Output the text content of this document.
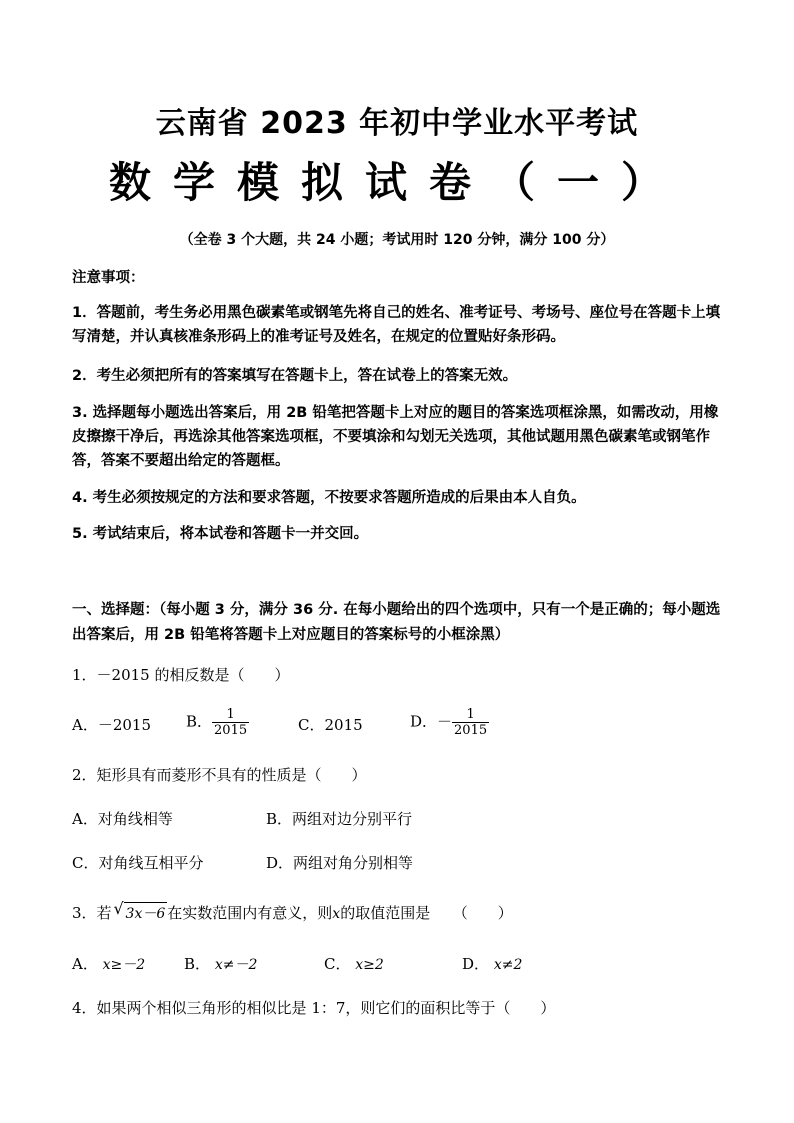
云南省 2023 年初中学业水平考试
数学模拟试卷（一）
（全卷 3 个大题，共 24 小题；考试用时 120 分钟，满分 100 分）
注意事项：
1．答题前，考生务必用黑色碳素笔或钢笔先将自己的姓名、准考证号、考场号、座位号在答题卡上填写清楚，并认真核准条形码上的准考证号及姓名，在规定的位置贴好条形码。
2．考生必须把所有的答案填写在答题卡上，答在试卷上的答案无效。
3. 选择题每小题选出答案后，用 2B 铅笔把答题卡上对应的题目的答案选项框涂黑，如需改动，用橡皮擦擦干净后，再选涂其他答案选项框，不要填涂和勾划无关选项，其他试题用黑色碳素笔或钢笔作答，答案不要超出给定的答题框。
4. 考生必须按规定的方法和要求答题，不按要求答题所造成的后果由本人自负。
5. 考试结束后，将本试卷和答题卡一并交回。
一、选择题：（每小题 3 分，满分 36 分. 在每小题给出的四个选项中，只有一个是正确的；每小题选出答案后，用 2B 铅笔将答题卡上对应题目的答案标号的小框涂黑）
1．－2015 的相反数是（　　）
A．－2015 B． $\frac{1}{2015}$	C．2015	D．－ $\frac{1}{2015}$
2．矩形具有而菱形不具有的性质是（　　）
A．对角线相等	B．两组对边分别平行
C．对角线互相平分	D．两组对角分别相等
3．若 √ 3x－6 在实数范围内有意义，则x的取值范围是　　（　　）
A． x≥－2	B． x≠－2	C． x≥2	D． x≠2
4．如果两个相似三角形的相似比是 1：7，则它们的面积比等于（　　）
